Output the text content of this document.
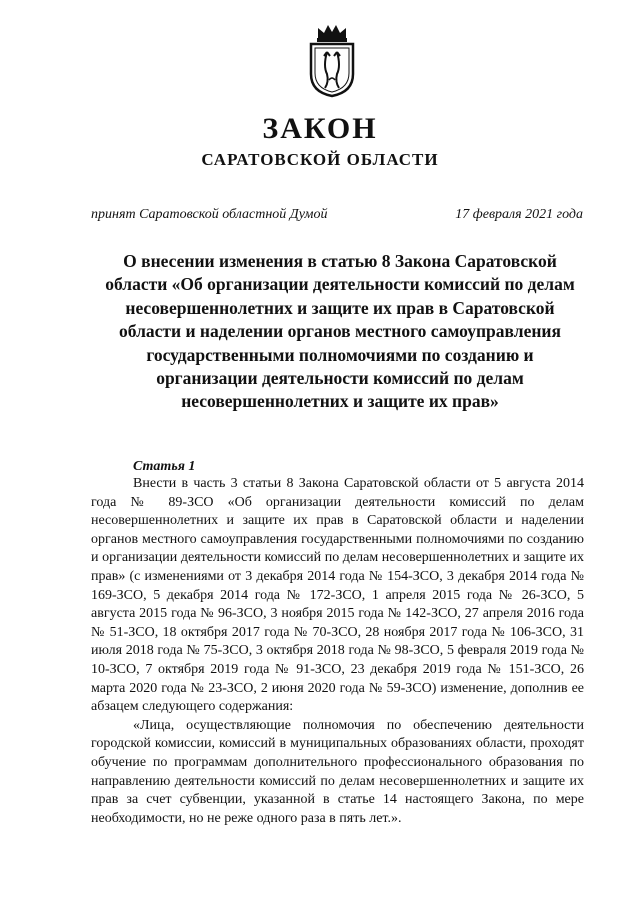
ЗАКОН
САРАТОВСКОЙ ОБЛАСТИ
принят Саратовской областной Думой	17 февраля 2021 года
О внесении изменения в статью 8 Закона Саратовской области «Об организации деятельности комиссий по делам несовершеннолетних и защите их прав в Саратовской области и наделении органов местного самоуправления государственными полномочиями по созданию и организации деятельности комиссий по делам несовершеннолетних и защите их прав»
Статья 1

Внести в часть 3 статьи 8 Закона Саратовской области от 5 августа 2014 года № 89-ЗСО «Об организации деятельности комиссий по делам несовершеннолетних и защите их прав в Саратовской области и наделении органов местного самоуправления государственными полномочиями по созданию и организации деятельности комиссий по делам несовершеннолетних и защите их прав» (с изменениями от 3 декабря 2014 года № 154-ЗСО, 3 декабря 2014 года № 169-ЗСО, 5 декабря 2014 года № 172-ЗСО, 1 апреля 2015 года № 26-ЗСО, 5 августа 2015 года № 96-ЗСО, 3 ноября 2015 года № 142-ЗСО, 27 апреля 2016 года № 51-ЗСО, 18 октября 2017 года № 70-ЗСО, 28 ноября 2017 года № 106-ЗСО, 31 июля 2018 года № 75-ЗСО, 3 октября 2018 года № 98-ЗСО, 5 февраля 2019 года № 10-ЗСО, 7 октября 2019 года № 91-ЗСО, 23 декабря 2019 года № 151-ЗСО, 26 марта 2020 года № 23-ЗСО, 2 июня 2020 года № 59-ЗСО) изменение, дополнив ее абзацем следующего содержания:

«Лица, осуществляющие полномочия по обеспечению деятельности городской комиссии, комиссий в муниципальных образованиях области, проходят обучение по программам дополнительного профессионального образования по направлению деятельности комиссий по делам несовершеннолетних и защите их прав за счет субвенции, указанной в статье 14 настоящего Закона, по мере необходимости, но не реже одного раза в пять лет.».
